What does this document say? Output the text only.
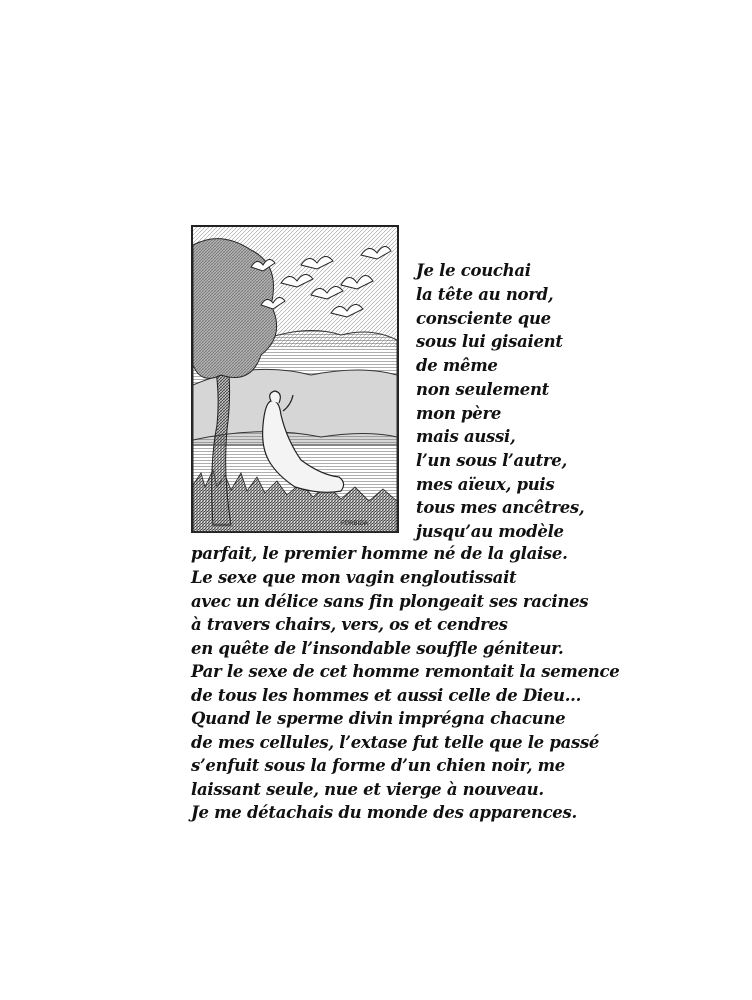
FORBIDA
Je le couchai
la tête au nord,
consciente que
sous lui gisaient
de même
non seulement
mon père
mais aussi,
l’un sous l’autre,
mes aïeux, puis
tous mes ancêtres,
jusqu’au modèle
parfait, le premier homme né de la glaise.
Le sexe que mon vagin engloutissait
avec un délice sans fin plongeait ses racines
à travers chairs, vers, os et cendres
en quête de l’insondable souffle géniteur.
Par le sexe de cet homme remontait la semence
de tous les hommes et aussi celle de Dieu...
Quand le sperme divin imprégna chacune
de mes cellules, l’extase fut telle que le passé
s’enfuit sous la forme d’un chien noir, me
laissant seule, nue et vierge à nouveau.
Je me détachais du monde des apparences.
